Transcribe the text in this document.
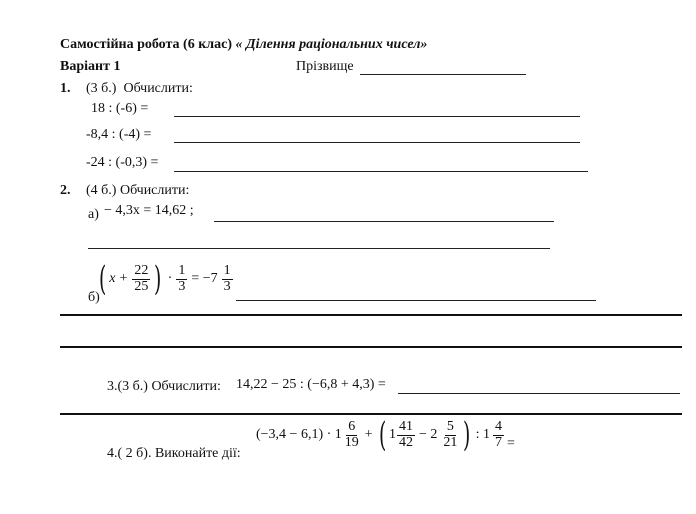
Самостійна робота (6 клас) « Ділення раціональних чисел»
Варіант 1	Прізвище
1. (3 б.) Обчислити:
18 : (-6) =
-8,4 : (-4) =
-24 : (-0,3) =
2. (4 б.) Обчислити:
а) − 4,3x = 14,62 ;
б) ( $x + \frac{22}{25}$ ) · $\frac{1}{3} = -7 \frac{1}{3}$
3.(3 б.) Обчислити: 14,22 − 25 : (−6,8 + 4,3) =
4.( 2 б). Виконайте дії:
$(-3,4 - 6,1) \cdot 1 \frac{6}{19}$ + ( $1 \frac{41}{42} - 2 \frac{5}{21}$ ) : $1 \frac{4}{7}$ =
